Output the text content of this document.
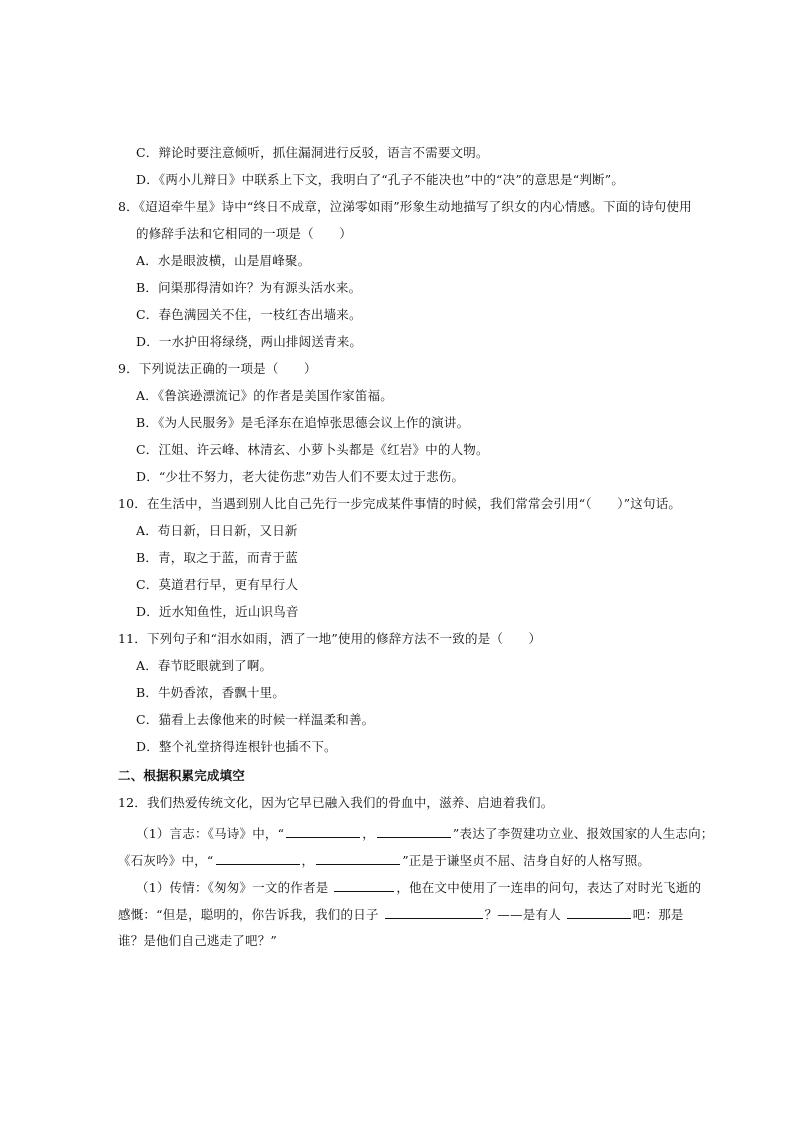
C．辩论时要注意倾听，抓住漏洞进行反驳，语言不需要文明。
D．《两小儿辩日》中联系上下文，我明白了“孔子不能决也”中的“决”的意思是“判断”。
8．《迢迢牵牛星》诗中“终日不成章，泣涕零如雨”形象生动地描写了织女的内心情感。下面的诗句使用
的修辞手法和它相同的一项是（　　）
A．水是眼波横，山是眉峰聚。
B．问渠那得清如许？为有源头活水来。
C．春色满园关不住，一枝红杏出墙来。
D．一水护田将绿绕，两山排闼送青来。
9．下列说法正确的一项是（　　）
A．《鲁滨逊漂流记》的作者是美国作家笛福。
B．《为人民服务》是毛泽东在追悼张思德会议上作的演讲。
C．江姐、许云峰、林清玄、小萝卜头都是《红岩》中的人物。
D．“少壮不努力，老大徒伤悲”劝告人们不要太过于悲伤。
10．在生活中，当遇到别人比自己先行一步完成某件事情的时候，我们常常会引用“（　　）”这句话。
A．苟日新，日日新，又日新
B．青，取之于蓝，而青于蓝
C．莫道君行早，更有早行人
D．近水知鱼性，近山识鸟音
11．下列句子和“泪水如雨，洒了一地”使用的修辞方法不一致的是（　　）
A．春节眨眼就到了啊。
B．牛奶香浓，香飘十里。
C．猫看上去像他来的时候一样温柔和善。
D．整个礼堂挤得连根针也插不下。
二、根据积累完成填空
12．我们热爱传统文化，因为它早已融入我们的骨血中，滋养、启迪着我们。
（1）言志：《马诗》中，“	，	”表达了李贺建功立业、报效国家的人生志向；
《石灰吟》中，“	，	”正是于谦坚贞不屈、洁身自好的人格写照。
（1）传情：《匆匆》一文的作者是	，他在文中使用了一连串的问句，表达了对时光飞逝的
感慨：“但是，聪明的，你告诉我，我们的日子	？——是有人	吧：那是
谁？是他们自己逃走了吧？”
